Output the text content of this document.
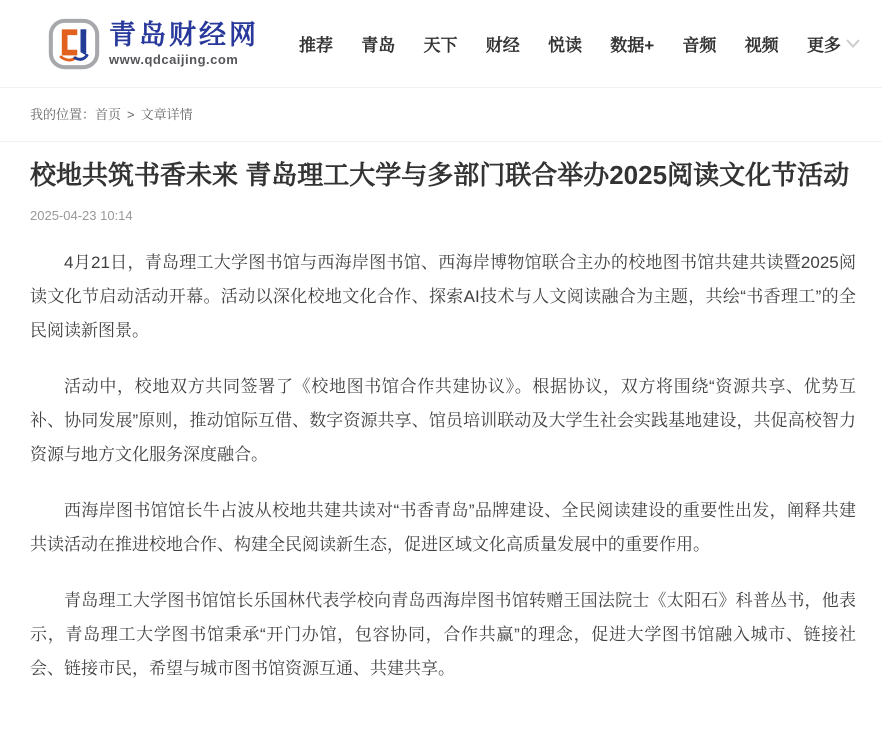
青岛财经网
www.qdcaijing.com
推荐 青岛 天下 财经 悦读 数据+ 音频 视频 更多
我的位置：首页 > 文章详情
校地共筑书香未来 青岛理工大学与多部门联合举办2025阅读文化节活动
2025-04-23 10:14

4月21日，青岛理工大学图书馆与西海岸图书馆、西海岸博物馆联合主办的校地图书馆共建共读暨2025阅读文化节启动活动开幕。活动以深化校地文化合作、探索AI技术与人文阅读融合为主题，共绘“书香理工”的全民阅读新图景。

活动中，校地双方共同签署了《校地图书馆合作共建协议》。根据协议，双方将围绕“资源共享、优势互补、协同发展”原则，推动馆际互借、数字资源共享、馆员培训联动及大学生社会实践基地建设，共促高校智力资源与地方文化服务深度融合。

西海岸图书馆馆长牛占波从校地共建共读对“书香青岛”品牌建设、全民阅读建设的重要性出发，阐释共建共读活动在推进校地合作、构建全民阅读新生态，促进区域文化高质量发展中的重要作用。

青岛理工大学图书馆馆长乐国林代表学校向青岛西海岸图书馆转赠王国法院士《太阳石》科普丛书，他表示，青岛理工大学图书馆秉承“开门办馆，包容协同，合作共赢”的理念，促进大学图书馆融入城市、链接社会、链接市民，希望与城市图书馆资源互通、共建共享。
